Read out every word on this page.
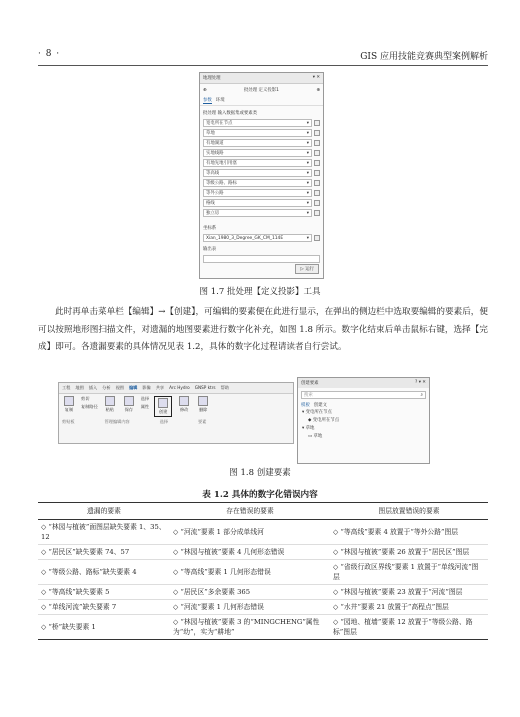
· 8 ·	GIS 应用技能竞赛典型案例解析
地理处理	▾ ✕
⊕	批处理 定义投影1	⊕
参数 环境
批处理 输入数据集或要素类
宽电所在节点	▾
草地	▾
有地湖道	▾
实地线路	▾
有地先地引用塞	▾
等高线	▾
等级公路、路标	▾
等外公路	▾
格线	▾
独立房	▾
坐标系
Xian_1980_3_Degree_GK_CM_114E	▾
输出表
▷ 运行
图 1.7 批处理【定义投影】工具
此时再单击菜单栏【编辑】→【创建】，可编辑的要素便在此进行显示，在弹出的侧边栏中选取要编辑的要素后，便可以按照地形图扫描文件，对遗漏的地图要素进行数字化补充，如图 1.8 所示。数字化结束后单击鼠标右键，选择【完成】即可。各遗漏要素的具体情况见表 1.2，具体的数字化过程请读者自行尝试。
工程 地图 插入 分析 视图 编辑 影像 共享 Arc Hydro GNSP ktrs 帮助
复制
剪切
复制路径
粘贴	保存
选择
属性
创建	修改	删除
剪贴板	管理编辑内容	选择	要素
创建要素	? ▾ ✕
搜索	⌕
模板 创建文
▾ 变电所在节点
◆ 变电所在节点
▾ 草地
▭ 草地
图 1.8 创建要素
表 1.2 具体的数字化错误内容
遗漏的要素	存在错误的要素	图层放置错误的要素
◇ “林园与植被”面图层缺失要素 1、35、12	◇ “河流”要素 1 部分成单线河	◇ “等高线”要素 4 放置于“等外公路”图层
◇ “居民区”缺失要素 74、57	◇ “林园与植被”要素 4 几何形态错误	◇ “林园与植被”要素 26 放置于“居民区”图层
◇ “等级公路、路标”缺失要素 4	◇ “等高线”要素 1 几何形态错误	◇ “省级行政区界线”要素 1 放置于“单线河流”图层
◇ “等高线”缺失要素 5	◇ “居民区”多余要素 365	◇ “林园与植被”要素 23 放置于“河流”图层
◇ “单线河流”缺失要素 7	◇ “河流”要素 1 几何形态错误	◇ “水井”要素 21 放置于“高程点”图层
◇ “桥”缺失要素 1	◇ “林园与植被”要素 3 的“MINGCHENG”属性为“幼”，实为“耕地”	◇ “园地、植墙”要素 12 放置于“等级公路、路标”图层
